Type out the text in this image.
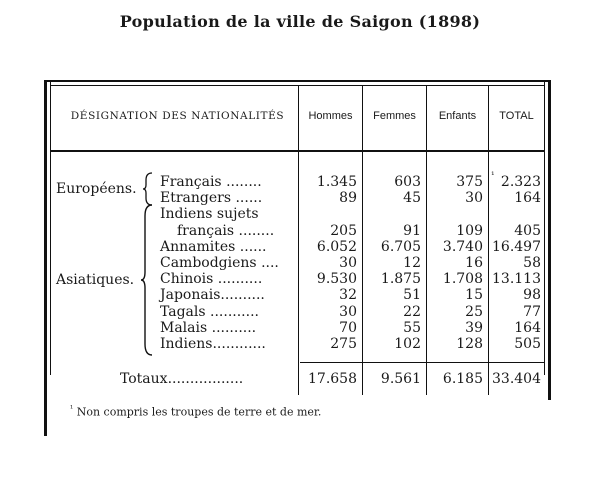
Population de la ville de Saigon (1898)
DÉSIGNATION DES NATIONALITÉS	Hommes	Femmes	Enfants	TOTAL
Européens.
Asiatiques.
Français ........	1.345	603	375	2.323
¹
Etrangers ......	89	45	30	164
Indiens sujets
français ........	205	91	109	405
Annamites ......	6.052	6.705	3.740 16.497
Cambodgiens ....	30	12	16	58
Chinois ..........	9.530	1.875	1.708 13.113
Japonais..........	32	51	15	98
Tagals ...........	30	22	25	77
Malais ..........	70	55	39	164
Indiens............	275	102	128	505
Totaux.................	17.658	9.561	6.185 33.404
$^{^1}$ Non compris les troupes de terre et de mer.
